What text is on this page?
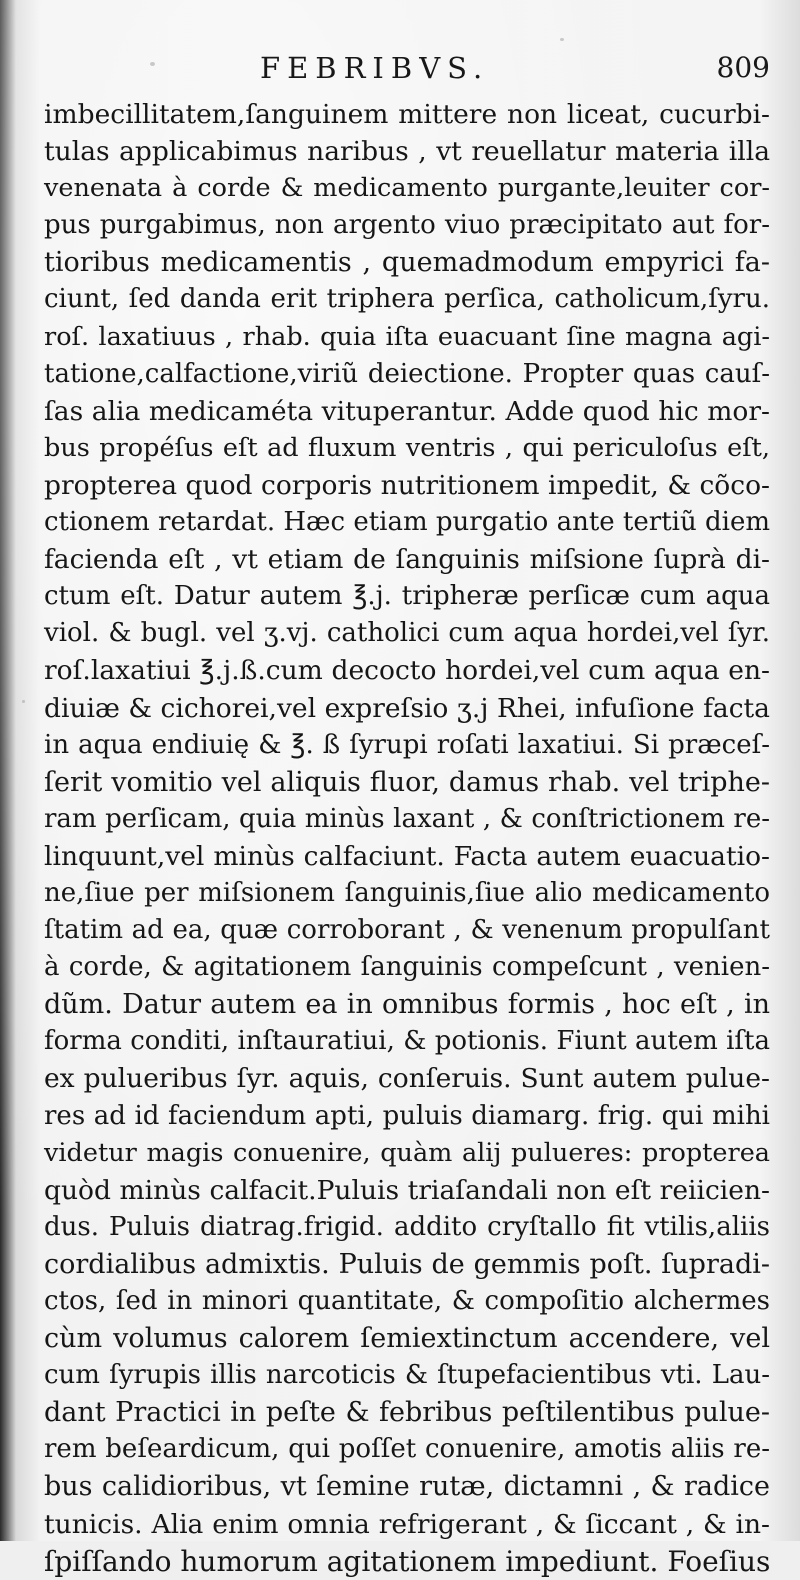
FEBRIBVS.	809
imbecillitatem,ſanguinem mittere non liceat, cucurbi-
tulas applicabimus naribus , vt reuellatur materia illa
venenata à corde & medicamento purgante,leuiter cor-
pus purgabimus, non argento viuo præcipitato aut for-
tioribus medicamentis , quemadmodum empyrici fa-
ciunt, ſed danda erit triphera perſica, catholicum,ſyru.
roſ. laxatiuus , rhab. quia iſta euacuant ſine magna agi-
tatione,calfactione,viriũ deiectione. Propter quas cauſ-
ſas alia medicaméta vituperantur. Adde quod hic mor-
bus propéſus eſt ad fluxum ventris , qui periculoſus eſt,
propterea quod corporis nutritionem impedit, & cõco-
ctionem retardat. Hæc etiam purgatio ante tertiũ diem
facienda eſt , vt etiam de ſanguinis miſsione ſuprà di-
ctum eſt. Datur autem ℥.j. tripheræ perſicæ cum aqua
viol. & bugl. vel ʒ.vj. catholici cum aqua hordei,vel ſyr.
roſ.laxatiui ℥.j.ß.cum decocto hordei,vel cum aqua en-
diuiæ & cichorei,vel expreſsio ʒ.j Rhei, infuſione facta
in aqua endiuię & ℥. ß ſyrupi roſati laxatiui. Si præceſ-
ſerit vomitio vel aliquis fluor, damus rhab. vel triphe-
ram perſicam, quia minùs laxant , & conſtrictionem re-
linquunt,vel minùs calfaciunt. Facta autem euacuatio-
ne,ſiue per miſsionem ſanguinis,ſiue alio medicamento
ſtatim ad ea, quæ corroborant , & venenum propulſant
à corde, & agitationem ſanguinis compeſcunt , venien-
dũm. Datur autem ea in omnibus formis , hoc eſt , in
forma conditi, inſtauratiui, & potionis. Fiunt autem iſta
ex pulueribus ſyr. aquis, conſeruis. Sunt autem pulue-
res ad id faciendum apti, puluis diamarg. frig. qui mihi
videtur magis conuenire, quàm alij pulueres: propterea
quòd minùs calfacit.Puluis triaſandali non eſt reiicien-
dus. Puluis diatrag.frigid. addito cryſtallo fit vtilis,aliis
cordialibus admixtis. Puluis de gemmis poſt. ſupradi-
ctos, ſed in minori quantitate, & compoſitio alchermes
cùm volumus calorem ſemiextinctum accendere, vel
cum ſyrupis illis narcoticis & ſtupefacientibus vti. Lau-
dant Practici in peſte & febribus peſtilentibus pulue-
rem beſeardicum, qui poſſet conuenire, amotis aliis re-
bus calidioribus, vt ſemine rutæ, dictamni , & radice
tunicis. Alia enim omnia refrigerant , & ſiccant , & in-
ſpiſſando humorum agitationem impediunt. Foeſius
